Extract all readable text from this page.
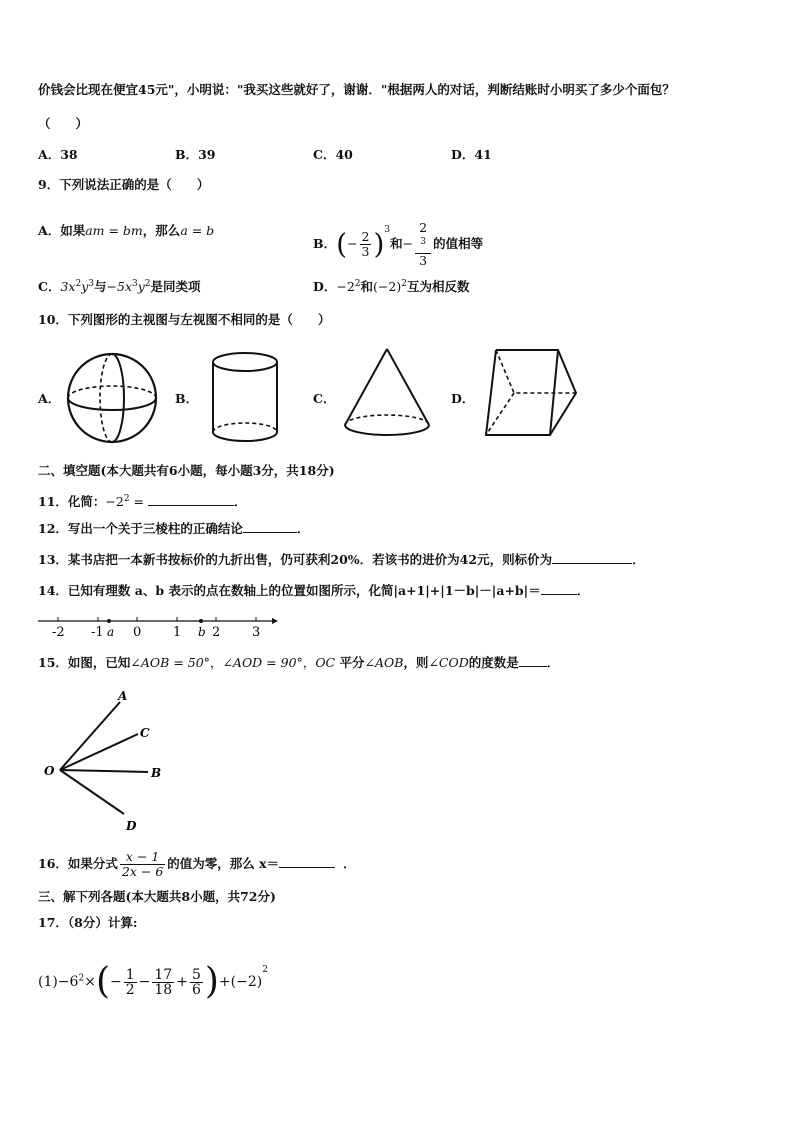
价钱会比现在便宜45元"，小明说："我买这些就好了，谢谢．"根据两人的对话，判断结账时小明买了多少个面包？
（　　）
A．38	B．39	C．40	D．41
9．下列说法正确的是（　　）
A．如果am = bm，那么a = b
B．(− $\frac{2}{3} )^3$和− 2
$^3$
3 的值相等
C．$3x^2y^3$与$-5x^3y^2$是同类项	D．$-2^2$和$(-2)^2$互为相反数
10．下列图形的主视图与左视图不相同的是（　　）
A．	B．	C．	D．
二、填空题(本大题共有6小题，每小题3分，共18分)
11．化简：$-2^2$ =	．
12．写出一个关于三棱柱的正确结论	．
13．某书店把一本新书按标价的九折出售，仍可获利20%．若该书的进价为42元，则标价为	．
14．已知有理数 a、b 表示的点在数轴上的位置如图所示，化简|a+1|+|1－b|－|a+b|＝	．
-2 -1 0 1 2 3
a	b
15．如图，已知∠AOB = 50°，∠AOD = 90°，OC 平分∠AOB，则∠COD的度数是 ．
A
C
O	B
D
16．如果分式 $\frac{x - 1}{2x - 6}$ 的值为零，那么 x＝	．
三、解下列各题(本大题共8小题，共72分)
17．（8分）计算:
$(1)-6^2\times(- \frac{1}{2} - \frac{17}{18} + \frac{5}{6} )+(-2)^2$
